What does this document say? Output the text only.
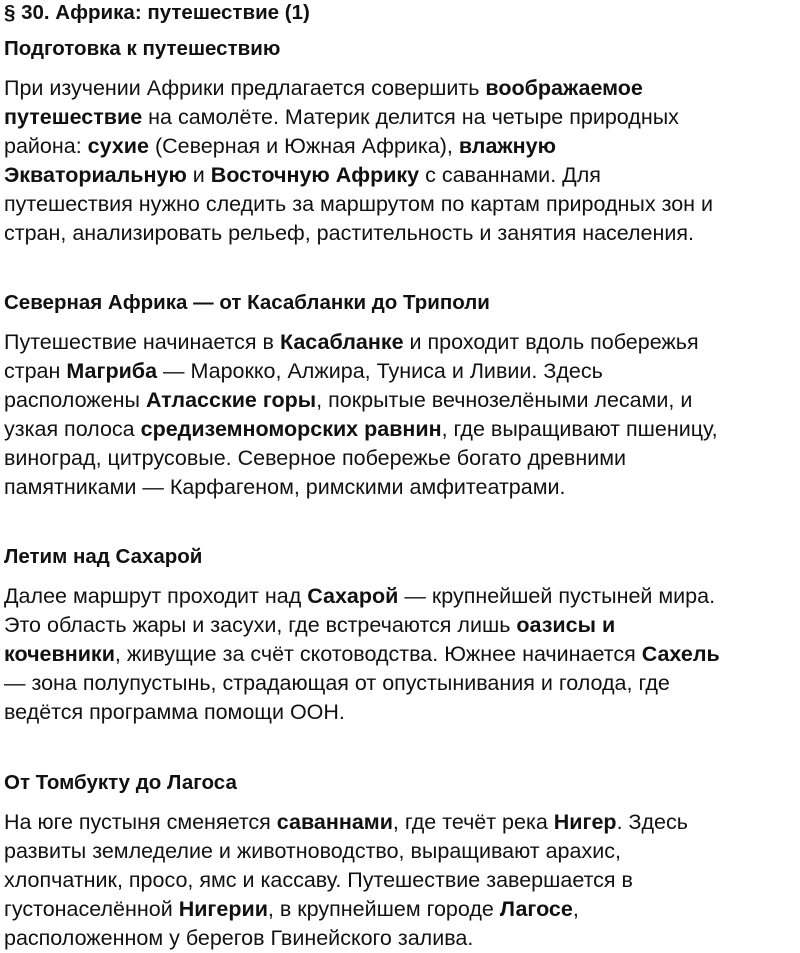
§ 30. Африка: путешествие (1)
Подготовка к путешествию
При изучении Африки предлагается совершить воображаемое
путешествие на самолёте. Материк делится на четыре природных
района: сухие (Северная и Южная Африка), влажную
Экваториальную и Восточную Африку с саваннами. Для
путешествия нужно следить за маршрутом по картам природных зон и
стран, анализировать рельеф, растительность и занятия населения.
Северная Африка — от Касабланки до Триполи
Путешествие начинается в Касабланке и проходит вдоль побережья
стран Магриба — Марокко, Алжира, Туниса и Ливии. Здесь
расположены Атласские горы, покрытые вечнозелёными лесами, и
узкая полоса средиземноморских равнин, где выращивают пшеницу,
виноград, цитрусовые. Северное побережье богато древними
памятниками — Карфагеном, римскими амфитеатрами.
Летим над Сахарой
Далее маршрут проходит над Сахарой — крупнейшей пустыней мира.
Это область жары и засухи, где встречаются лишь оазисы и
кочевники, живущие за счёт скотоводства. Южнее начинается Сахель
— зона полупустынь, страдающая от опустынивания и голода, где
ведётся программа помощи ООН.
От Томбукту до Лагоса
На юге пустыня сменяется саваннами, где течёт река Нигер. Здесь
развиты земледелие и животноводство, выращивают арахис,
хлопчатник, просо, ямс и кассаву. Путешествие завершается в
густонаселённой Нигерии, в крупнейшем городе Лагосе,
расположенном у берегов Гвинейского залива.
